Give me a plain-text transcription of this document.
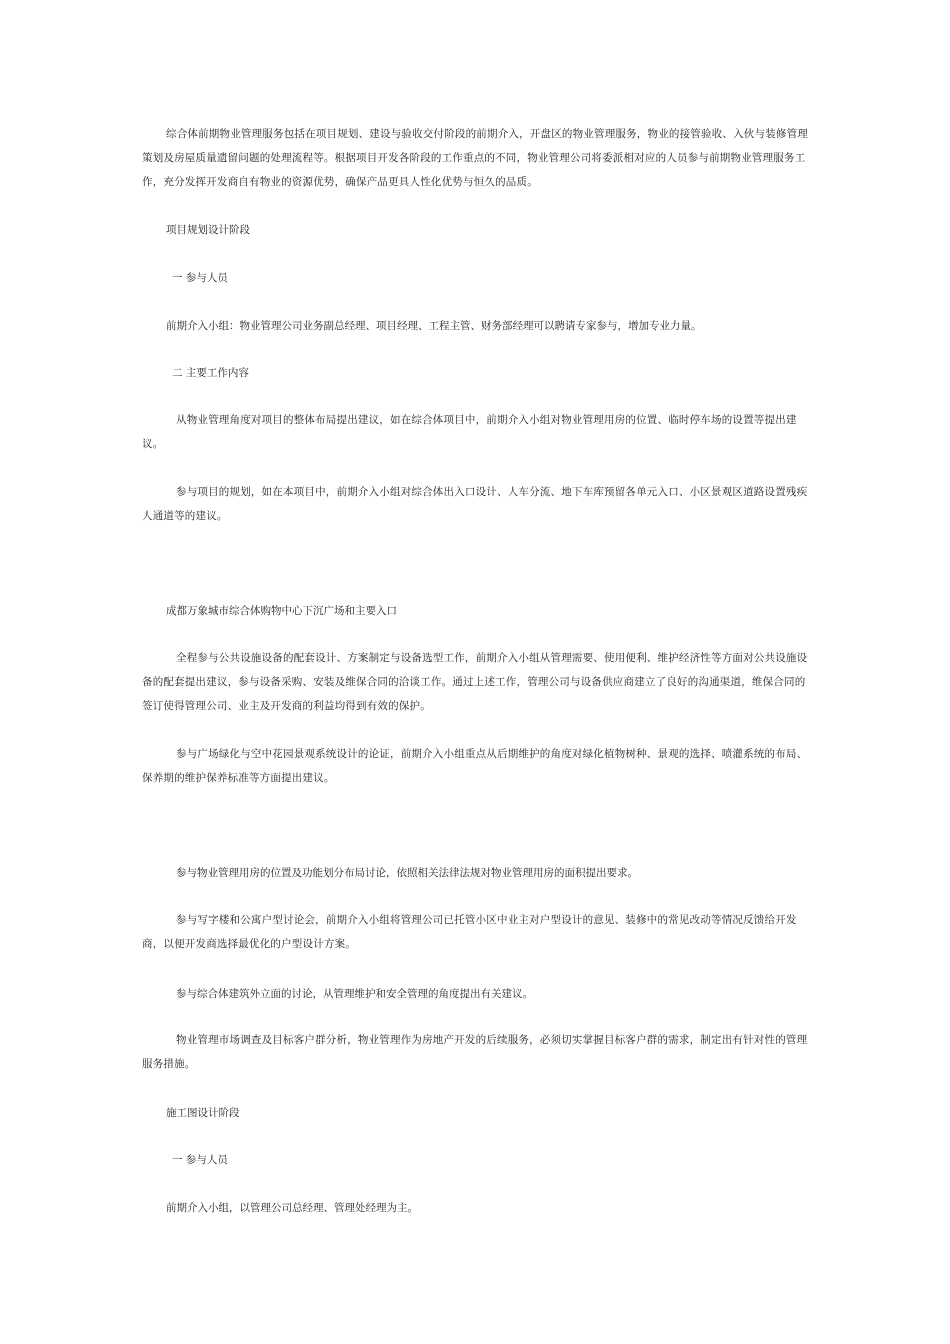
综合体前期物业管理服务包括在项目规划、建设与验收交付阶段的前期介入，开盘区的物业管理服务，物业的接管验收、入伙与装修管理策划及房屋质量遗留问题的处理流程等。根据项目开发各阶段的工作重点的不同，物业管理公司将委派相对应的人员参与前期物业管理服务工作，充分发挥开发商自有物业的资源优势，确保产品更具人性化优势与恒久的品质。
项目规划设计阶段
一 参与人员
前期介入小组：物业管理公司业务副总经理、项目经理、工程主管、财务部经理可以聘请专家参与，增加专业力量。
二 主要工作内容
从物业管理角度对项目的整体布局提出建议，如在综合体项目中，前期介入小组对物业管理用房的位置、临时停车场的设置等提出建议。
参与项目的规划，如在本项目中，前期介入小组对综合体出入口设计、人车分流、地下车库预留各单元入口、小区景观区道路设置残疾人通道等的建议。
成都万象城市综合体购物中心下沉广场和主要入口
全程参与公共设施设备的配套设计、方案制定与设备选型工作，前期介入小组从管理需要、使用便利、维护经济性等方面对公共设施设备的配套提出建议，参与设备采购、安装及维保合同的洽谈工作。通过上述工作，管理公司与设备供应商建立了良好的沟通渠道，维保合同的签订使得管理公司、业主及开发商的利益均得到有效的保护。
参与广场绿化与空中花园景观系统设计的论证，前期介入小组重点从后期维护的角度对绿化植物树种、景观的选择、喷灌系统的布局、保养期的维护保养标准等方面提出建议。
参与物业管理用房的位置及功能划分布局讨论，依照相关法律法规对物业管理用房的面积提出要求。
参与写字楼和公寓户型讨论会，前期介入小组将管理公司已托管小区中业主对户型设计的意见、装修中的常见改动等情况反馈给开发商，以便开发商选择最优化的户型设计方案。
参与综合体建筑外立面的讨论，从管理维护和安全管理的角度提出有关建议。
物业管理市场调查及目标客户群分析，物业管理作为房地产开发的后续服务，必须切实掌握目标客户群的需求，制定出有针对性的管理服务措施。
施工图设计阶段
一 参与人员
前期介入小组，以管理公司总经理、管理处经理为主。
